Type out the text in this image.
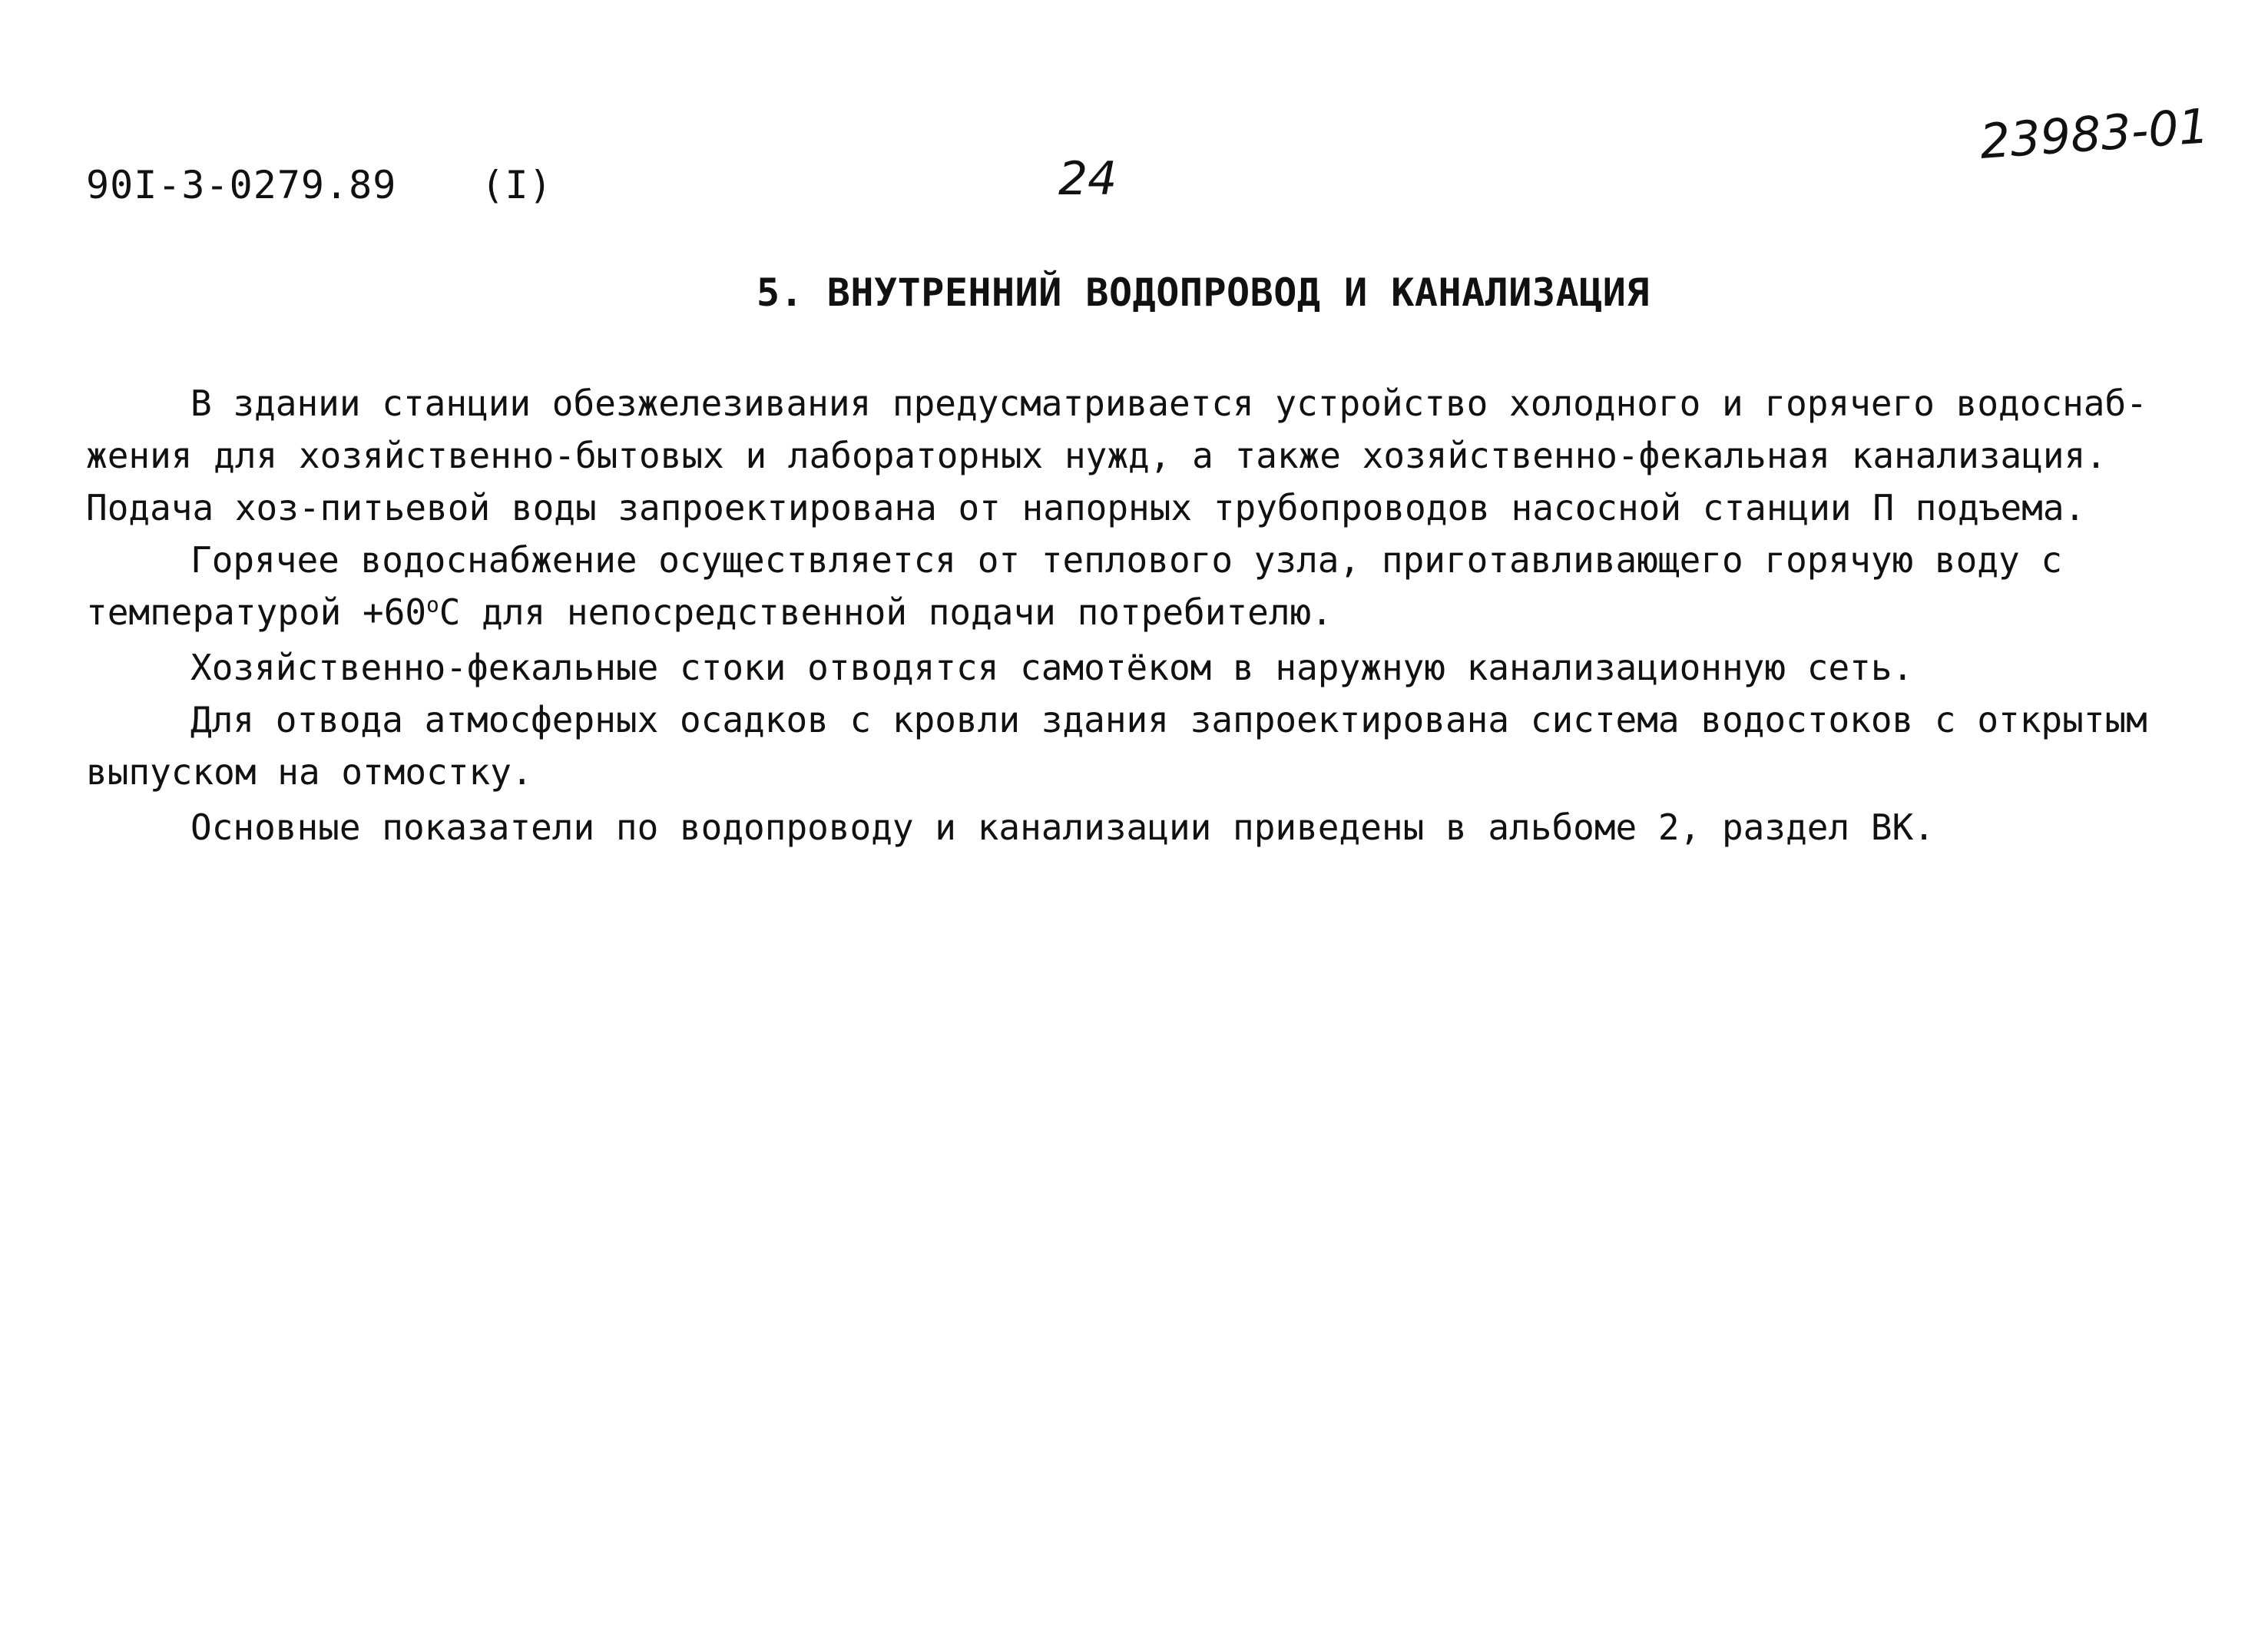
90I-3-0279.89 (I)	24
23983-01
5. ВНУТРЕННИЙ ВОДОПРОВОД И КАНАЛИЗАЦИЯ
В здании станции обезжелезивания предусматривается устройство холодного и горячего водоснаб-
жения для хозяйственно-бытовых и лабораторных нужд, а также хозяйственно-фекальная канализация.
Подача хоз-питьевой воды запроектирована от напорных трубопроводов насосной станции П подъема.
Горячее водоснабжение осуществляется от теплового узла, приготавливающего горячую воду с
температурой $+60^оC$ для непосредственной подачи потребителю.
Хозяйственно-фекальные стоки отводятся самотёком в наружную канализационную сеть.
Для отвода атмосферных осадков с кровли здания запроектирована система водостоков с открытым
выпуском на отмостку.
Основные показатели по водопроводу и канализации приведены в альбоме 2, раздел ВК.
